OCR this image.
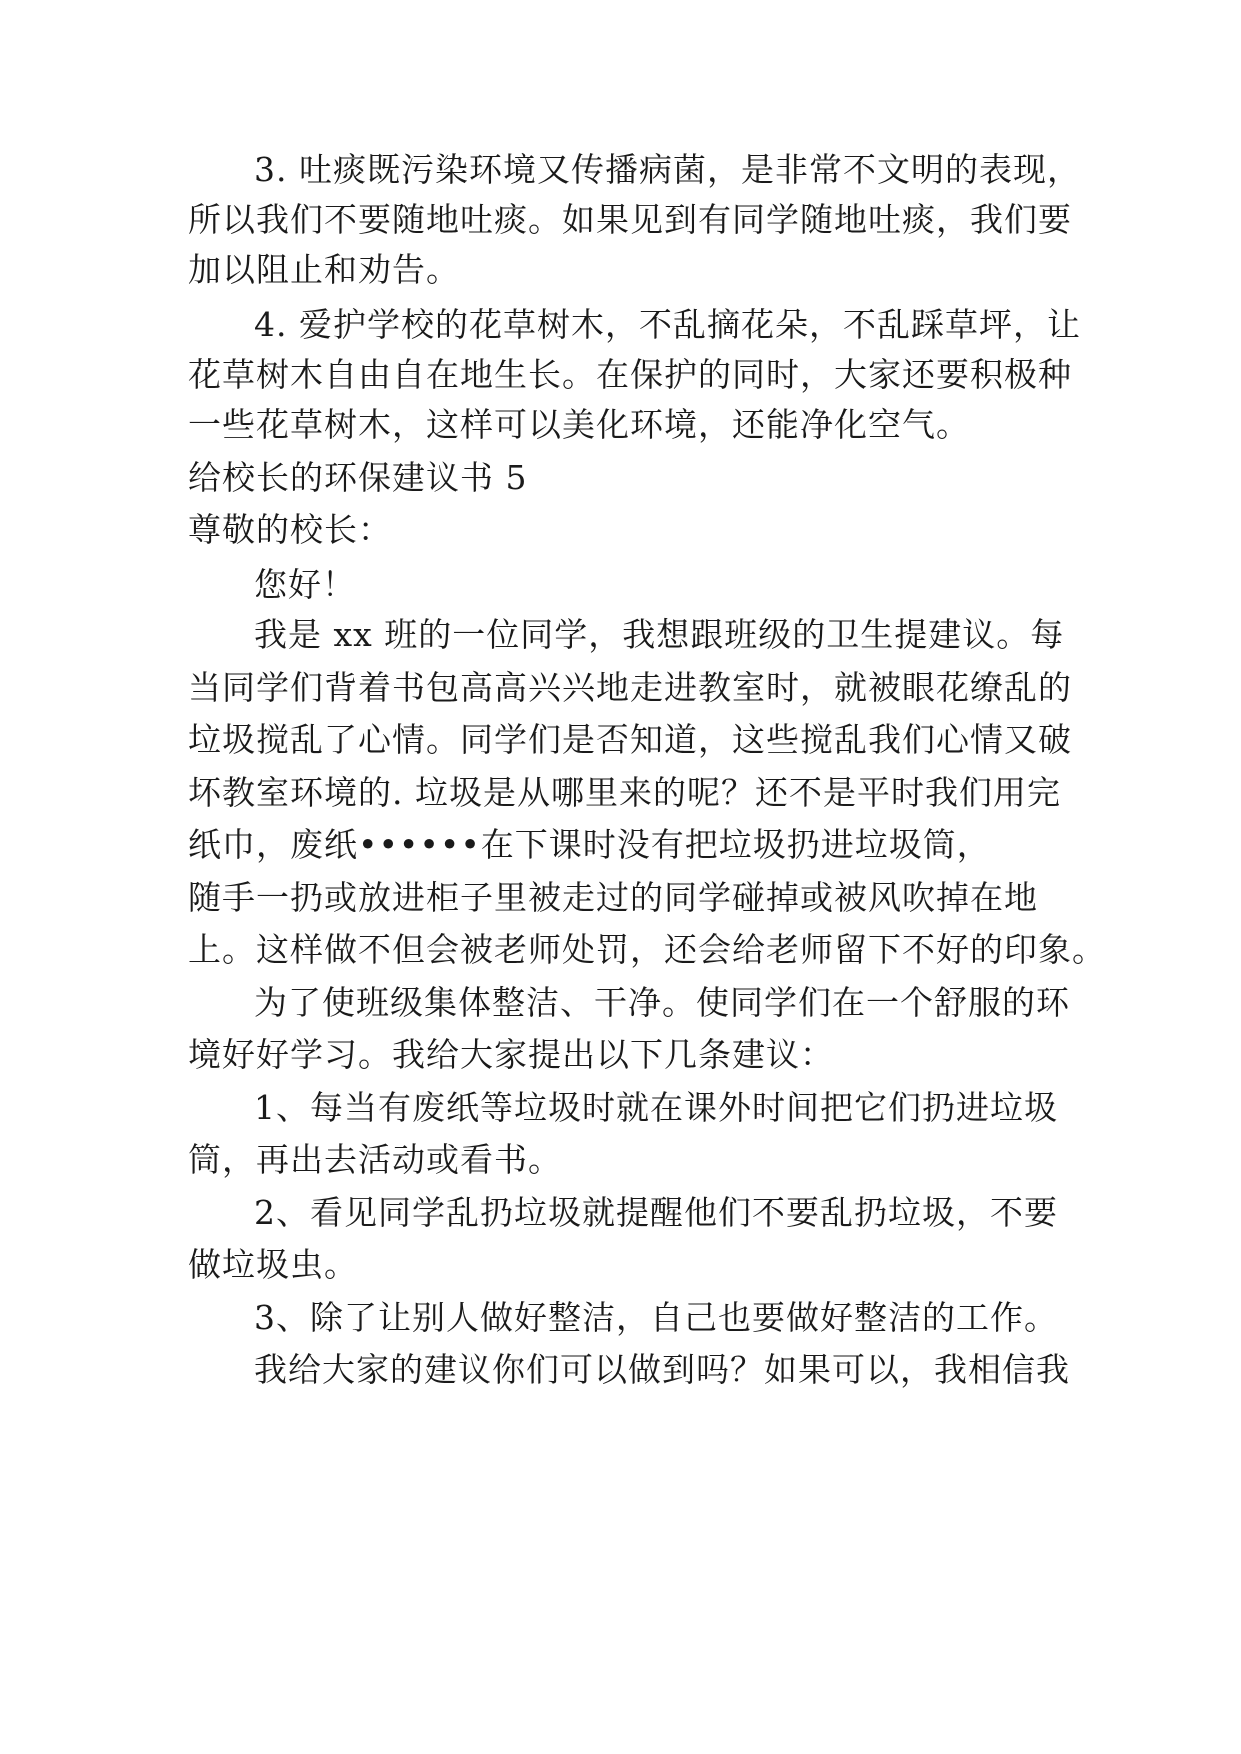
3. 吐痰既污染环境又传播病菌，是非常不文明的表现，
所以我们不要随地吐痰。如果见到有同学随地吐痰，我们要
加以阻止和劝告。
4. 爱护学校的花草树木，不乱摘花朵，不乱踩草坪，让
花草树木自由自在地生长。在保护的同时，大家还要积极种
一些花草树木，这样可以美化环境，还能净化空气。
给校长的环保建议书 5
尊敬的校长：
您好！
我是 xx 班的一位同学，我想跟班级的卫生提建议。每
当同学们背着书包高高兴兴地走进教室时，就被眼花缭乱的
垃圾搅乱了心情。同学们是否知道，这些搅乱我们心情又破
坏教室环境的. 垃圾是从哪里来的呢？还不是平时我们用完
纸巾，废纸••••••在下课时没有把垃圾扔进垃圾筒，
随手一扔或放进柜子里被走过的同学碰掉或被风吹掉在地
上。这样做不但会被老师处罚，还会给老师留下不好的印象。
为了使班级集体整洁、干净。使同学们在一个舒服的环
境好好学习。我给大家提出以下几条建议：
1、每当有废纸等垃圾时就在课外时间把它们扔进垃圾
筒，再出去活动或看书。
2、看见同学乱扔垃圾就提醒他们不要乱扔垃圾，不要
做垃圾虫。
3、除了让别人做好整洁，自己也要做好整洁的工作。
我给大家的建议你们可以做到吗？如果可以，我相信我
